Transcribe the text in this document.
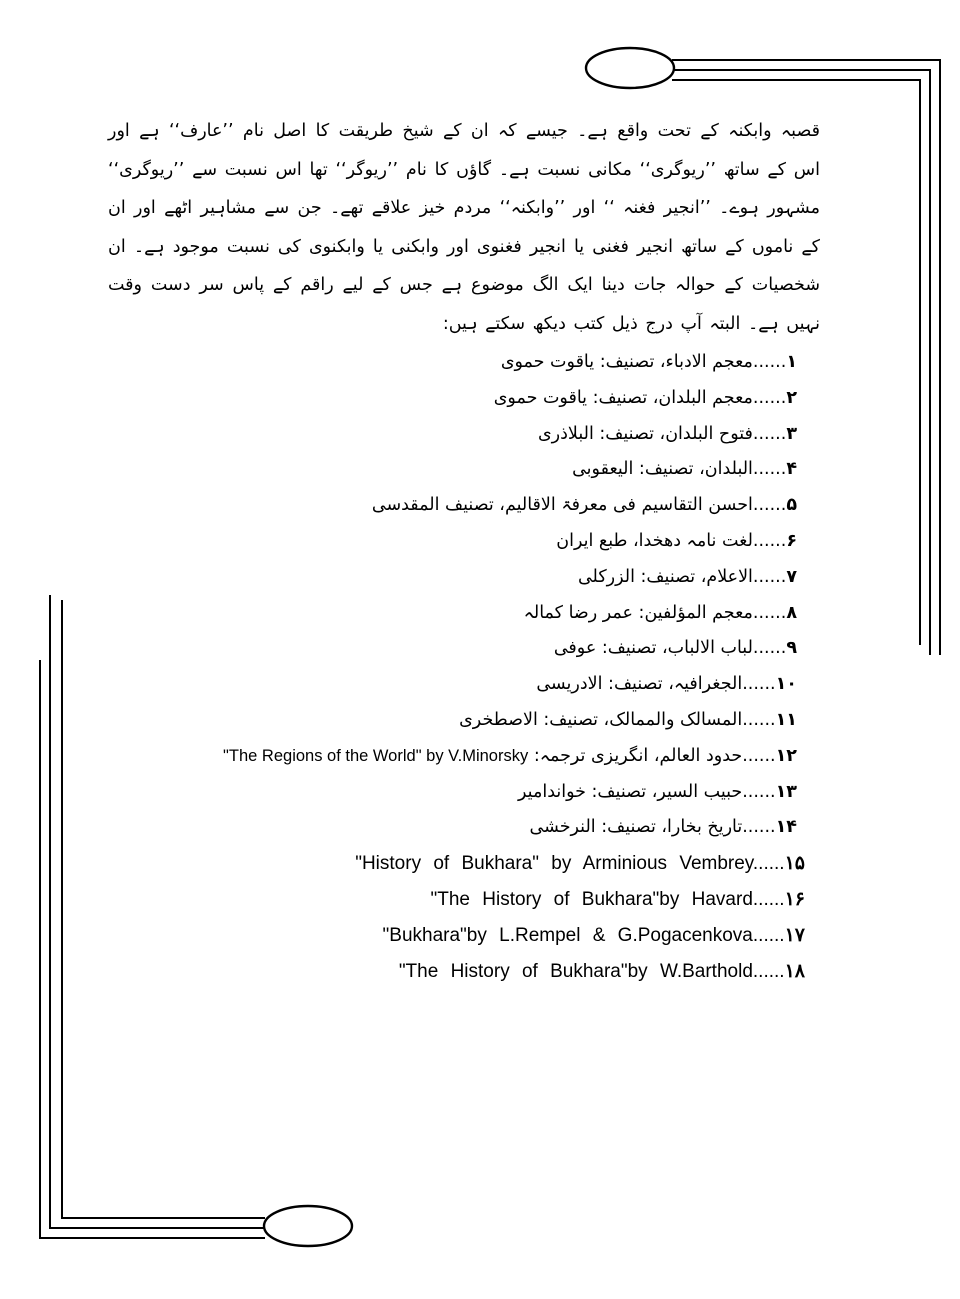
قصبہ وابکنہ کے تحت واقع ہے۔ جیسے کہ ان کے شیخ طریقت کا اصل نام ’’عارف‘‘ ہے اور اس کے ساتھ ’’ریوگری‘‘ مکانی نسبت ہے۔ گاؤں کا نام ’’ریوگر‘‘ تھا اس نسبت سے ’’ریوگری‘‘ مشہور ہوے۔ ’’انجیر فغنہ ‘‘ اور ’’وابکنہ‘‘ مردم خیز علاقے تھے۔ جن سے مشاہیر اٹھے اور ان کے ناموں کے ساتھ انجیر فغنی یا انجیر فغنوی اور وابکنی یا وابکنوی کی نسبت موجود ہے۔ ان شخصیات کے حوالہ جات دینا ایک الگ موضوع ہے جس کے لیے راقم کے پاس سر دست وقت نہیں ہے۔ البتہ آپ درج ذیل کتب دیکھ سکتے ہیں:

۱......معجم الادباء، تصنیف: یاقوت حموی
۲......معجم البلدان، تصنیف: یاقوت حموی
۳......فتوح البلدان، تصنیف: البلاذری
۴......البلدان، تصنیف: الیعقوبی
۵......احسن التقاسیم فی معرفۃ الاقالیم، تصنیف المقدسی
۶......لغت نامہ دھخدا، طبع ایران
۷......الاعلام، تصنیف: الزرکلی
۸......معجم المؤلفین: عمر رضا کمالہ
۹......لباب الالباب، تصنیف: عوفی
۱۰......الجغرافیہ، تصنیف: الادریسی
۱۱......المسالک والممالک، تصنیف: الاصطخری
۱۲......حدود العالم، انگریزی ترجمہ: "The Regions of the World" by V.Minorsky
۱۳......حبیب السیر، تصنیف: خواندامیر
۱۴......تاریخ بخارا، تصنیف: النرخشی
"History of Bukhara" by Arminious Vembrey......۱۵
"The History of Bukhara"by Havard......۱۶
"Bukhara"by L.Rempel & G.Pogacenkova......۱۷
"The History of Bukhara"by W.Barthold......۱۸
